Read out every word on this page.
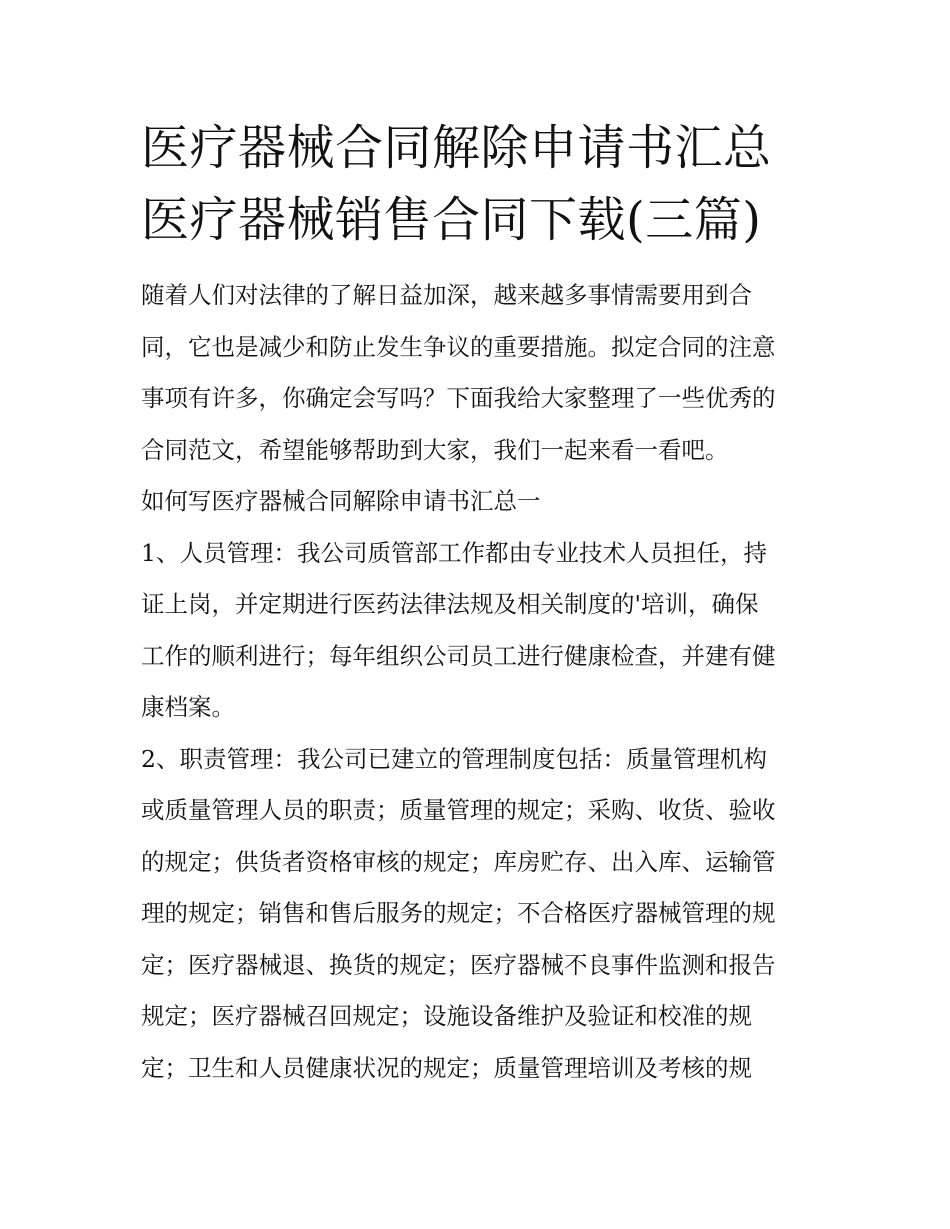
医疗器械合同解除申请书汇总
医疗器械销售合同下载(三篇)

随着人们对法律的了解日益加深，越来越多事情需要用到合
同，它也是减少和防止发生争议的重要措施。拟定合同的注意
事项有许多，你确定会写吗？下面我给大家整理了一些优秀的
合同范文，希望能够帮助到大家，我们一起来看一看吧。

如何写医疗器械合同解除申请书汇总一

1、人员管理：我公司质管部工作都由专业技术人员担任，持
证上岗，并定期进行医药法律法规及相关制度的'培训，确保
工作的顺利进行；每年组织公司员工进行健康检查，并建有健
康档案。

2、职责管理：我公司已建立的管理制度包括：质量管理机构
或质量管理人员的职责；质量管理的规定；采购、收货、验收
的规定；供货者资格审核的规定；库房贮存、出入库、运输管
理的规定；销售和售后服务的规定；不合格医疗器械管理的规
定；医疗器械退、换货的规定；医疗器械不良事件监测和报告
规定；医疗器械召回规定；设施设备维护及验证和校准的规
定；卫生和人员健康状况的规定；质量管理培训及考核的规
